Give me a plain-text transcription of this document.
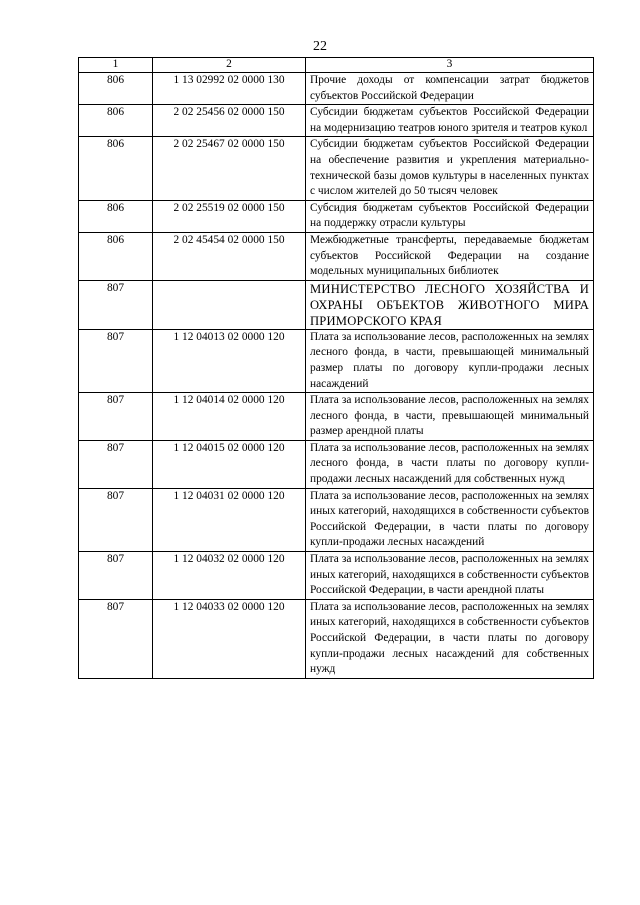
22
1	2	3
806	1 13 02992 02 0000 130	Прочие доходы от компенсации затрат бюджетов субъектов Российской Федерации
806	2 02 25456 02 0000 150	Субсидии бюджетам субъектов Российской Федерации на модернизацию театров юного зрителя и театров кукол
806	2 02 25467 02 0000 150	Субсидии бюджетам субъектов Российской Федерации на обеспечение развития и укрепления материально-технической базы домов культуры в населенных пунктах с числом жителей до 50 тысяч человек
806	2 02 25519 02 0000 150	Субсидия бюджетам субъектов Российской Федерации на поддержку отрасли культуры
806	2 02 45454 02 0000 150	Межбюджетные трансферты, передаваемые бюджетам субъектов Российской Федерации на создание модельных муниципальных библиотек
807		МИНИСТЕРСТВО ЛЕСНОГО ХОЗЯЙСТВА И ОХРАНЫ ОБЪЕКТОВ ЖИВОТНОГО МИРА ПРИМОРСКОГО КРАЯ
807	1 12 04013 02 0000 120	Плата за использование лесов, расположенных на землях лесного фонда, в части, превышающей минимальный размер платы по договору купли-продажи лесных насаждений
807	1 12 04014 02 0000 120	Плата за использование лесов, расположенных на землях лесного фонда, в части, превышающей минимальный размер арендной платы
807	1 12 04015 02 0000 120	Плата за использование лесов, расположенных на землях лесного фонда, в части платы по договору купли-продажи лесных насаждений для собственных нужд
807	1 12 04031 02 0000 120	Плата за использование лесов, расположенных на землях иных категорий, находящихся в собственности субъектов Российской Федерации, в части платы по договору купли-продажи лесных насаждений
807	1 12 04032 02 0000 120	Плата за использование лесов, расположенных на землях иных категорий, находящихся в собственности субъектов Российской Федерации, в части арендной платы
807	1 12 04033 02 0000 120	Плата за использование лесов, расположенных на землях иных категорий, находящихся в собственности субъектов Российской Федерации, в части платы по договору купли-продажи лесных насаждений для собственных нужд
